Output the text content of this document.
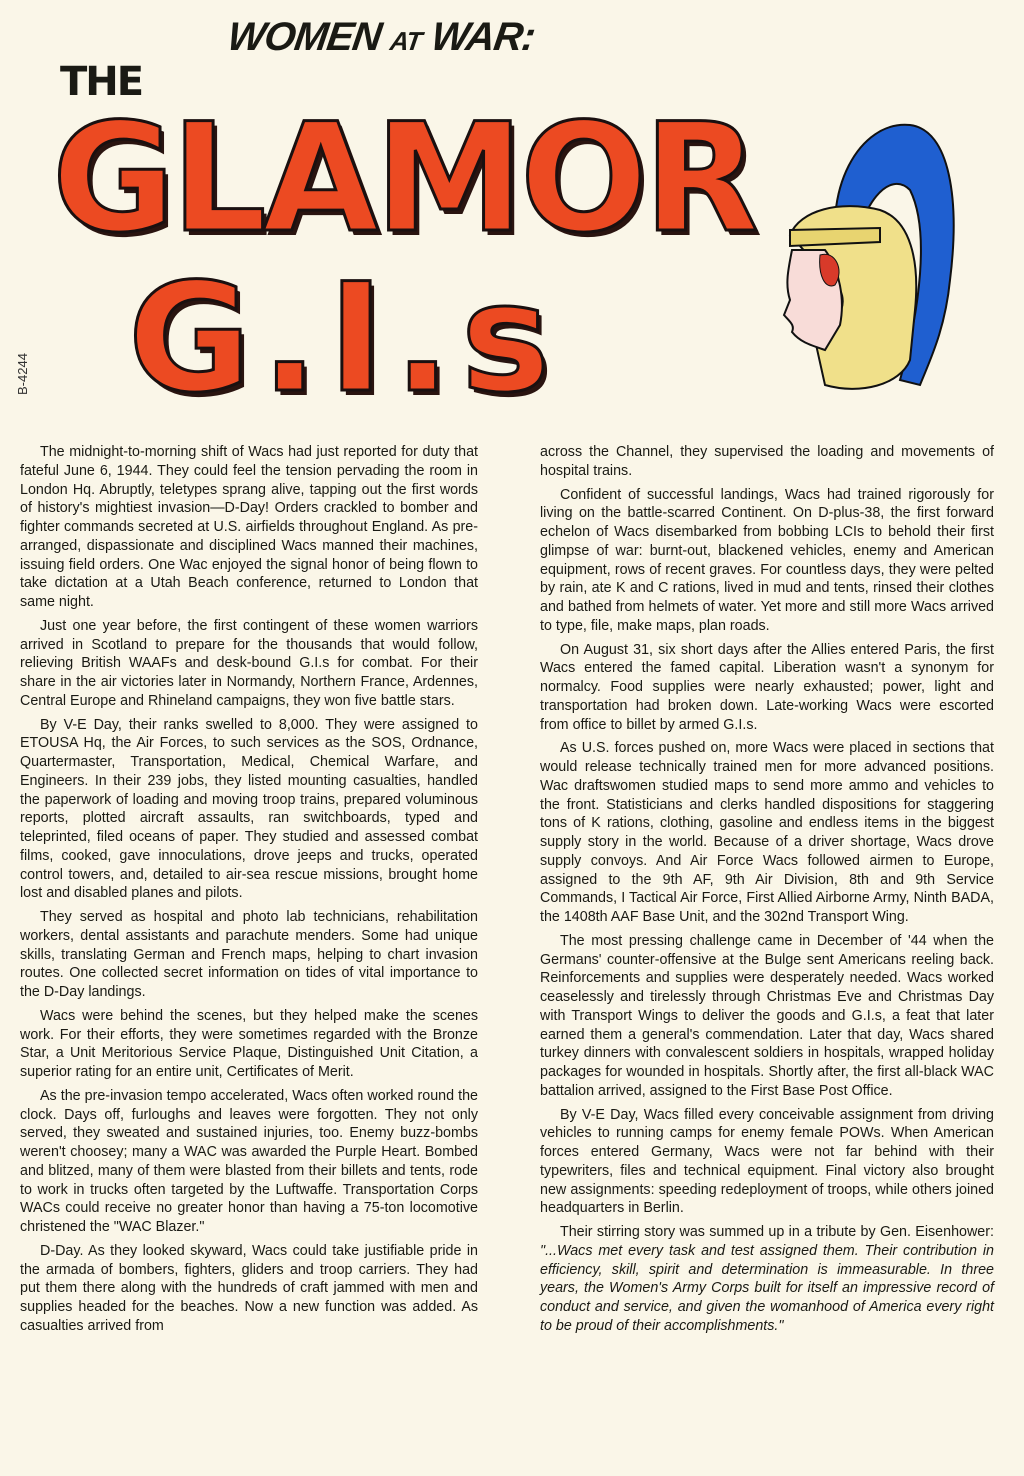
WOMEN AT WAR:
THE
GLAMOR
G.I.s
B-4244

The midnight-to-morning shift of Wacs had just reported for duty that fateful June 6, 1944. They could feel the tension pervading the room in London Hq. Abruptly, teletypes sprang alive, tapping out the first words of history's mightiest invasion—D-Day! Orders crackled to bomber and fighter commands secreted at U.S. airfields throughout England. As pre-arranged, dispassionate and disciplined Wacs manned their machines, issuing field orders. One Wac enjoyed the signal honor of being flown to take dictation at a Utah Beach conference, returned to London that same night.

Just one year before, the first contingent of these women warriors arrived in Scotland to prepare for the thousands that would follow, relieving British WAAFs and desk-bound G.I.s for combat. For their share in the air victories later in Normandy, Northern France, Ardennes, Central Europe and Rhineland campaigns, they won five battle stars.

By V-E Day, their ranks swelled to 8,000. They were assigned to ETOUSA Hq, the Air Forces, to such services as the SOS, Ordnance, Quartermaster, Transportation, Medical, Chemical Warfare, and Engineers. In their 239 jobs, they listed mounting casualties, handled the paperwork of loading and moving troop trains, prepared voluminous reports, plotted aircraft assaults, ran switchboards, typed and teleprinted, filed oceans of paper. They studied and assessed combat films, cooked, gave innoculations, drove jeeps and trucks, operated control towers, and, detailed to air-sea rescue missions, brought home lost and disabled planes and pilots.

They served as hospital and photo lab technicians, rehabilitation workers, dental assistants and parachute menders. Some had unique skills, translating German and French maps, helping to chart invasion routes. One collected secret information on tides of vital importance to the D-Day landings.

Wacs were behind the scenes, but they helped make the scenes work. For their efforts, they were sometimes regarded with the Bronze Star, a Unit Meritorious Service Plaque, Distinguished Unit Citation, a superior rating for an entire unit, Certificates of Merit.

As the pre-invasion tempo accelerated, Wacs often worked round the clock. Days off, furloughs and leaves were forgotten. They not only served, they sweated and sustained injuries, too. Enemy buzz-bombs weren't choosey; many a WAC was awarded the Purple Heart. Bombed and blitzed, many of them were blasted from their billets and tents, rode to work in trucks often targeted by the Luftwaffe. Transportation Corps WACs could receive no greater honor than having a 75-ton locomotive christened the "WAC Blazer."

D-Day. As they looked skyward, Wacs could take justifiable pride in the armada of bombers, fighters, gliders and troop carriers. They had put them there along with the hundreds of craft jammed with men and supplies headed for the beaches. Now a new function was added. As casualties arrived from

across the Channel, they supervised the loading and movements of hospital trains.

Confident of successful landings, Wacs had trained rigorously for living on the battle-scarred Continent. On D-plus-38, the first forward echelon of Wacs disembarked from bobbing LCIs to behold their first glimpse of war: burnt-out, blackened vehicles, enemy and American equipment, rows of recent graves. For countless days, they were pelted by rain, ate K and C rations, lived in mud and tents, rinsed their clothes and bathed from helmets of water. Yet more and still more Wacs arrived to type, file, make maps, plan roads.

On August 31, six short days after the Allies entered Paris, the first Wacs entered the famed capital. Liberation wasn't a synonym for normalcy. Food supplies were nearly exhausted; power, light and transportation had broken down. Late-working Wacs were escorted from office to billet by armed G.I.s.

As U.S. forces pushed on, more Wacs were placed in sections that would release technically trained men for more advanced positions. Wac draftswomen studied maps to send more ammo and vehicles to the front. Statisticians and clerks handled dispositions for staggering tons of K rations, clothing, gasoline and endless items in the biggest supply story in the world. Because of a driver shortage, Wacs drove supply convoys. And Air Force Wacs followed airmen to Europe, assigned to the 9th AF, 9th Air Division, 8th and 9th Service Commands, I Tactical Air Force, First Allied Airborne Army, Ninth BADA, the 1408th AAF Base Unit, and the 302nd Transport Wing.

The most pressing challenge came in December of '44 when the Germans' counter-offensive at the Bulge sent Americans reeling back. Reinforcements and supplies were desperately needed. Wacs worked ceaselessly and tirelessly through Christmas Eve and Christmas Day with Transport Wings to deliver the goods and G.I.s, a feat that later earned them a general's commendation. Later that day, Wacs shared turkey dinners with convalescent soldiers in hospitals, wrapped holiday packages for wounded in hospitals. Shortly after, the first all-black WAC battalion arrived, assigned to the First Base Post Office.

By V-E Day, Wacs filled every conceivable assignment from driving vehicles to running camps for enemy female POWs. When American forces entered Germany, Wacs were not far behind with their typewriters, files and technical equipment. Final victory also brought new assignments: speeding redeployment of troops, while others joined headquarters in Berlin.

Their stirring story was summed up in a tribute by Gen. Eisenhower: "...Wacs met every task and test assigned them. Their contribution in efficiency, skill, spirit and determination is immeasurable. In three years, the Women's Army Corps built for itself an impressive record of conduct and service, and given the womanhood of America every right to be proud of their accomplishments."
